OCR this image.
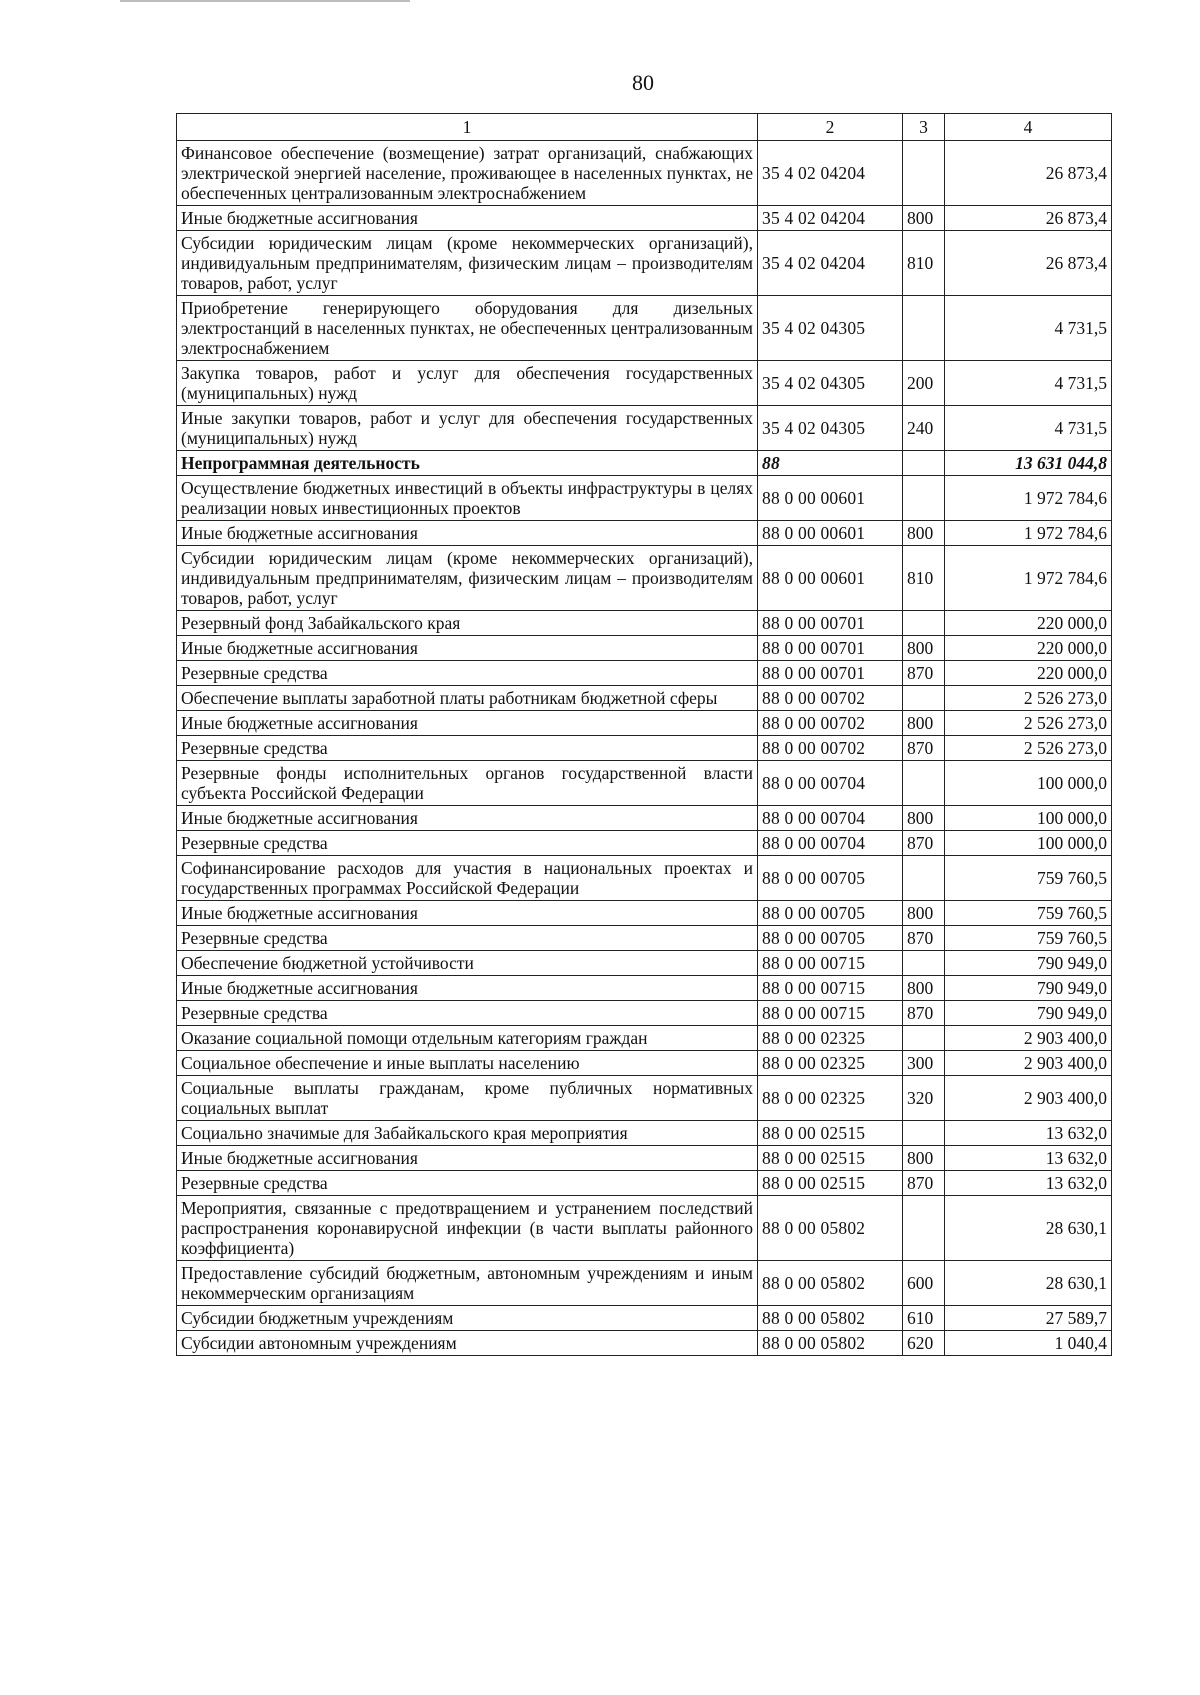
80
1	2	3	4
Финансовое обеспечение (возмещение) затрат организаций, снабжающих электрической энергией население, проживающее в населенных пунктах, не обеспеченных централизованным электроснабжением	35 4 02 04204		26 873,4
Иные бюджетные ассигнования	35 4 02 04204	800	26 873,4
Субсидии юридическим лицам (кроме некоммерческих организаций), индивидуальным предпринимателям, физическим лицам – производителям товаров, работ, услуг	35 4 02 04204	810	26 873,4
Приобретение генерирующего оборудования для дизельных электростанций в населенных пунктах, не обеспеченных централизованным электроснабжением	35 4 02 04305		4 731,5
Закупка товаров, работ и услуг для обеспечения государственных (муниципальных) нужд	35 4 02 04305	200	4 731,5
Иные закупки товаров, работ и услуг для обеспечения государственных (муниципальных) нужд	35 4 02 04305	240	4 731,5
Непрограммная деятельность	88		13 631 044,8
Осуществление бюджетных инвестиций в объекты инфраструктуры в целях реализации новых инвестиционных проектов	88 0 00 00601		1 972 784,6
Иные бюджетные ассигнования	88 0 00 00601	800	1 972 784,6
Субсидии юридическим лицам (кроме некоммерческих организаций), индивидуальным предпринимателям, физическим лицам – производителям товаров, работ, услуг	88 0 00 00601	810	1 972 784,6
Резервный фонд Забайкальского края	88 0 00 00701		220 000,0
Иные бюджетные ассигнования	88 0 00 00701	800	220 000,0
Резервные средства	88 0 00 00701	870	220 000,0
Обеспечение выплаты заработной платы работникам бюджетной сферы	88 0 00 00702		2 526 273,0
Иные бюджетные ассигнования	88 0 00 00702	800	2 526 273,0
Резервные средства	88 0 00 00702	870	2 526 273,0
Резервные фонды исполнительных органов государственной власти субъекта Российской Федерации	88 0 00 00704		100 000,0
Иные бюджетные ассигнования	88 0 00 00704	800	100 000,0
Резервные средства	88 0 00 00704	870	100 000,0
Софинансирование расходов для участия в национальных проектах и государственных программах Российской Федерации	88 0 00 00705		759 760,5
Иные бюджетные ассигнования	88 0 00 00705	800	759 760,5
Резервные средства	88 0 00 00705	870	759 760,5
Обеспечение бюджетной устойчивости	88 0 00 00715		790 949,0
Иные бюджетные ассигнования	88 0 00 00715	800	790 949,0
Резервные средства	88 0 00 00715	870	790 949,0
Оказание социальной помощи отдельным категориям граждан	88 0 00 02325		2 903 400,0
Социальное обеспечение и иные выплаты населению	88 0 00 02325	300	2 903 400,0
Социальные выплаты гражданам, кроме публичных нормативных социальных выплат	88 0 00 02325	320	2 903 400,0
Социально значимые для Забайкальского края мероприятия	88 0 00 02515		13 632,0
Иные бюджетные ассигнования	88 0 00 02515	800	13 632,0
Резервные средства	88 0 00 02515	870	13 632,0
Мероприятия, связанные с предотвращением и устранением последствий распространения коронавирусной инфекции (в части выплаты районного коэффициента)	88 0 00 05802		28 630,1
Предоставление субсидий бюджетным, автономным учреждениям и иным некоммерческим организациям	88 0 00 05802	600	28 630,1
Субсидии бюджетным учреждениям	88 0 00 05802	610	27 589,7
Субсидии автономным учреждениям	88 0 00 05802	620	1 040,4
